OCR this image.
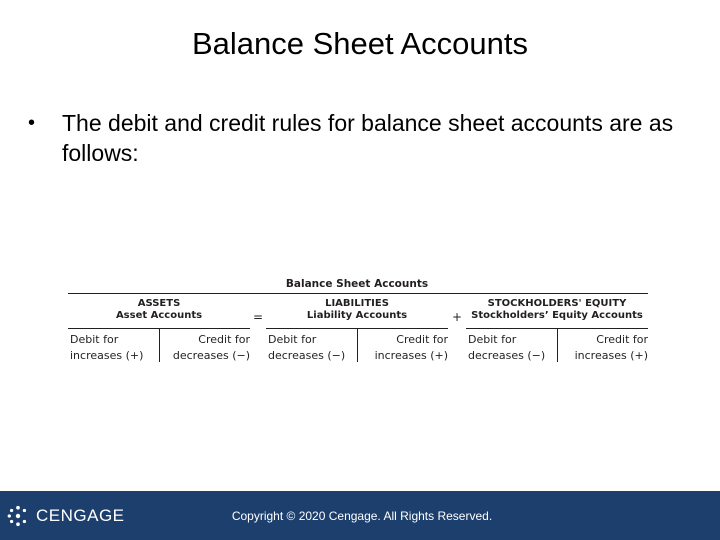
Balance Sheet Accounts
• The debit and credit rules for balance sheet accounts are as follows:
Balance Sheet Accounts
ASSETS
Asset Accounts
Debit for increases (+)
Credit for decreases (−)
=
LIABILITIES
Liability Accounts
Debit for decreases (−)
Credit for increases (+)
+
STOCKHOLDERS' EQUITY
Stockholders’ Equity Accounts
Debit for decreases (−)
Credit for increases (+)
CENGAGE	Copyright © 2020 Cengage. All Rights Reserved.
